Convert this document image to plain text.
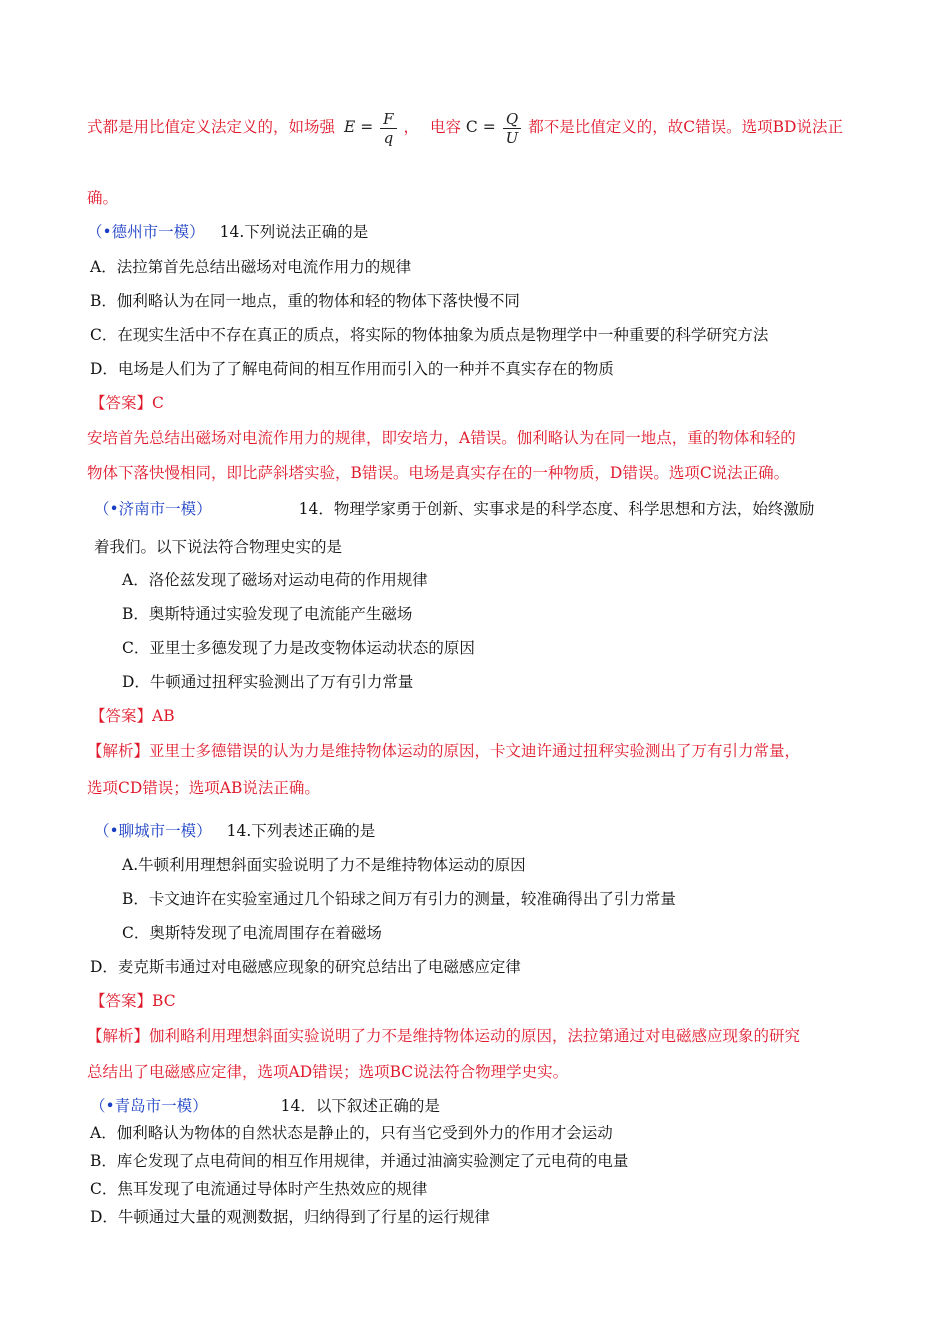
式都是用比值定义法定义的，如场强 $E = \frac{F}{q}$ ， 电容 $C = \frac{Q}{U}$ 都不是比值定义的，故C错误。选项BD说法正
确。
（•德州市一模） 14.下列说法正确的是
A．法拉第首先总结出磁场对电流作用力的规律
B．伽利略认为在同一地点，重的物体和轻的物体下落快慢不同
C．在现实生活中不存在真正的质点，将实际的物体抽象为质点是物理学中一种重要的科学研究方法
D．电场是人们为了了解电荷间的相互作用而引入的一种并不真实存在的物质
【答案】C
安培首先总结出磁场对电流作用力的规律，即安培力，A错误。伽利略认为在同一地点，重的物体和轻的
物体下落快慢相同，即比萨斜塔实验，B错误。电场是真实存在的一种物质，D错误。选项C说法正确。
（•济南市一模）	14．物理学家勇于创新、实事求是的科学态度、科学思想和方法，始终激励
着我们。以下说法符合物理史实的是
A．洛伦兹发现了磁场对运动电荷的作用规律
B．奥斯特通过实验发现了电流能产生磁场
C．亚里士多德发现了力是改变物体运动状态的原因
D．牛顿通过扭秤实验测出了万有引力常量
【答案】AB
【解析】亚里士多德错误的认为力是维持物体运动的原因，卡文迪许通过扭秤实验测出了万有引力常量，
选项CD错误；选项AB说法正确。
（•聊城市一模） 14.下列表述正确的是
A.牛顿利用理想斜面实验说明了力不是维持物体运动的原因
B．卡文迪许在实验室通过几个铅球之间万有引力的测量，较准确得出了引力常量
C．奥斯特发现了电流周围存在着磁场
D．麦克斯韦通过对电磁感应现象的研究总结出了电磁感应定律
【答案】BC
【解析】伽利略利用理想斜面实验说明了力不是维持物体运动的原因，法拉第通过对电磁感应现象的研究
总结出了电磁感应定律，选项AD错误；选项BC说法符合物理学史实。
（•青岛市一模）	14．以下叙述正确的是
A．伽利略认为物体的自然状态是静止的，只有当它受到外力的作用才会运动
B．库仑发现了点电荷间的相互作用规律，并通过油滴实验测定了元电荷的电量
C．焦耳发现了电流通过导体时产生热效应的规律
D．牛顿通过大量的观测数据，归纳得到了行星的运行规律
